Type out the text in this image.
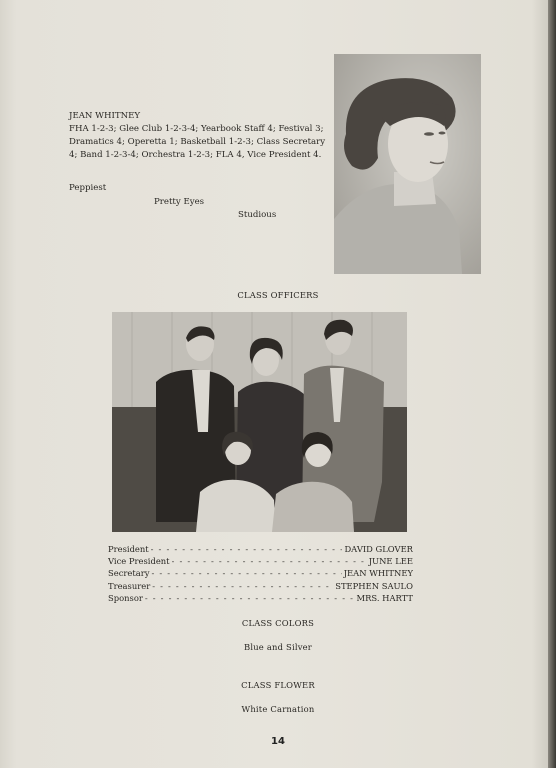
JEAN WHITNEY

FHA 1-2-3; Glee Club 1-2-3-4; Yearbook Staff 4; Festival 3; Dramatics 4; Operetta 1; Basketball 1-2-3; Class Secretary 4; Band 1-2-3-4; Orchestra 1-2-3; FLA 4, Vice President 4.

Peppiest
Pretty Eyes
Studious
CLASS OFFICERS
President - - -	DAVID GLOVER
Vice President - - -	JUNE LEE
Secretary - - -	JEAN WHITNEY
Treasurer - - -	STEPHEN SAULO
Sponsor - - -	MRS. HARTT
CLASS COLORS
Blue and Silver
CLASS FLOWER
White Carnation
14
